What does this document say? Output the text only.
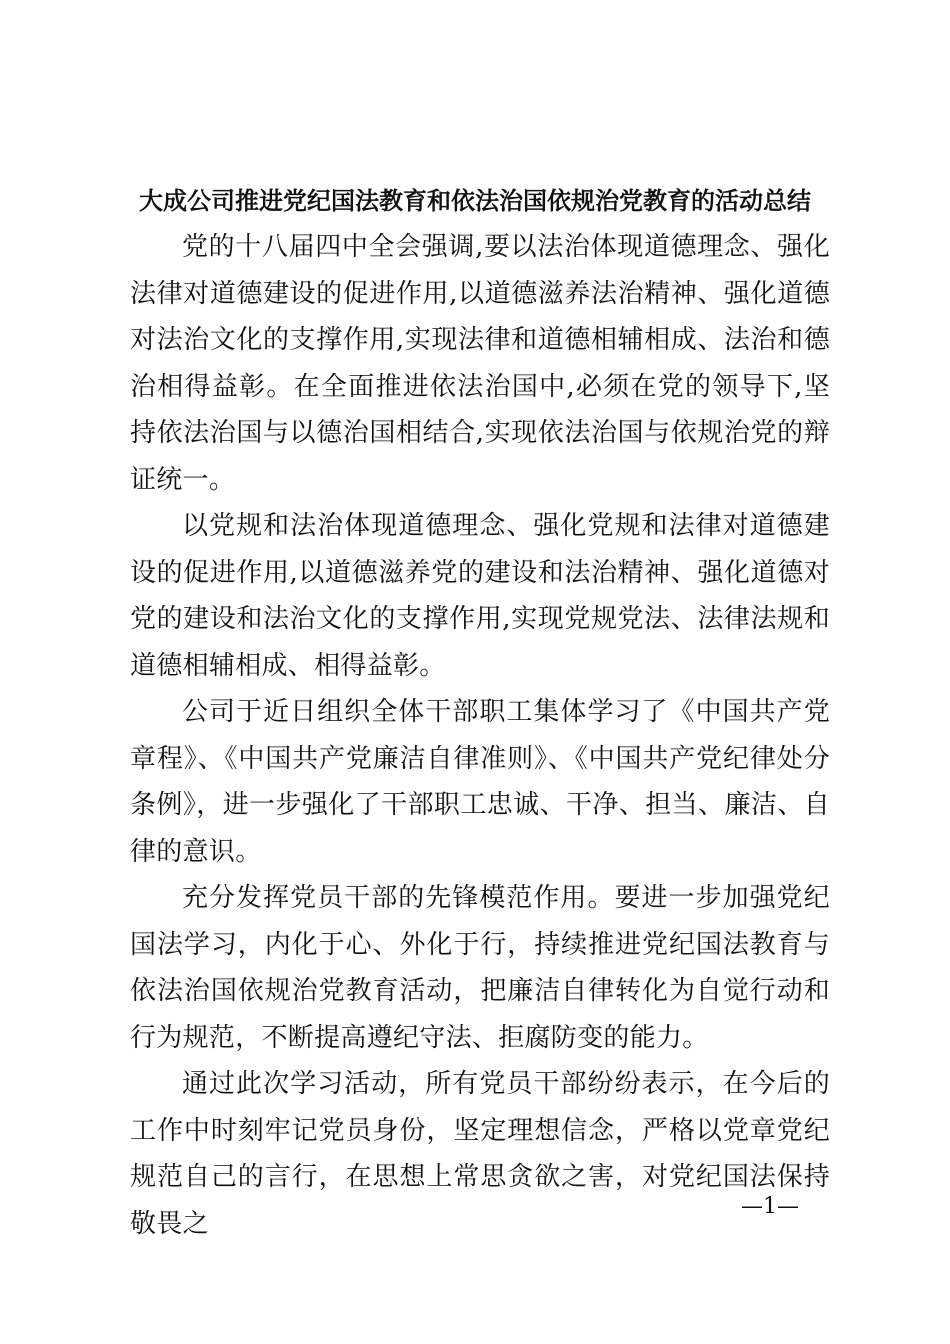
大成公司推进党纪国法教育和依法治国依规治党教育的活动总结

党的十八届四中全会强调,要以法治体现道德理念、强化法律对道德建设的促进作用,以道德滋养法治精神、强化道德对法治文化的支撑作用,实现法律和道德相辅相成、法治和德治相得益彰。在全面推进依法治国中,必须在党的领导下,坚持依法治国与以德治国相结合,实现依法治国与依规治党的辩证统一。

以党规和法治体现道德理念、强化党规和法律对道德建设的促进作用,以道德滋养党的建设和法治精神、强化道德对党的建设和法治文化的支撑作用,实现党规党法、法律法规和道德相辅相成、相得益彰。

公司于近日组织全体干部职工集体学习了《中国共产党章程》、《中国共产党廉洁自律准则》、《中国共产党纪律处分条例》，进一步强化了干部职工忠诚、干净、担当、廉洁、自律的意识。

充分发挥党员干部的先锋模范作用。要进一步加强党纪国法学习，内化于心、外化于行，持续推进党纪国法教育与依法治国依规治党教育活动，把廉洁自律转化为自觉行动和行为规范，不断提高遵纪守法、拒腐防变的能力。

通过此次学习活动，所有党员干部纷纷表示，在今后的工作中时刻牢记党员身份，坚定理想信念，严格以党章党纪规范自己的言行，在思想上常思贪欲之害，对党纪国法保持敬畏之

—1—
